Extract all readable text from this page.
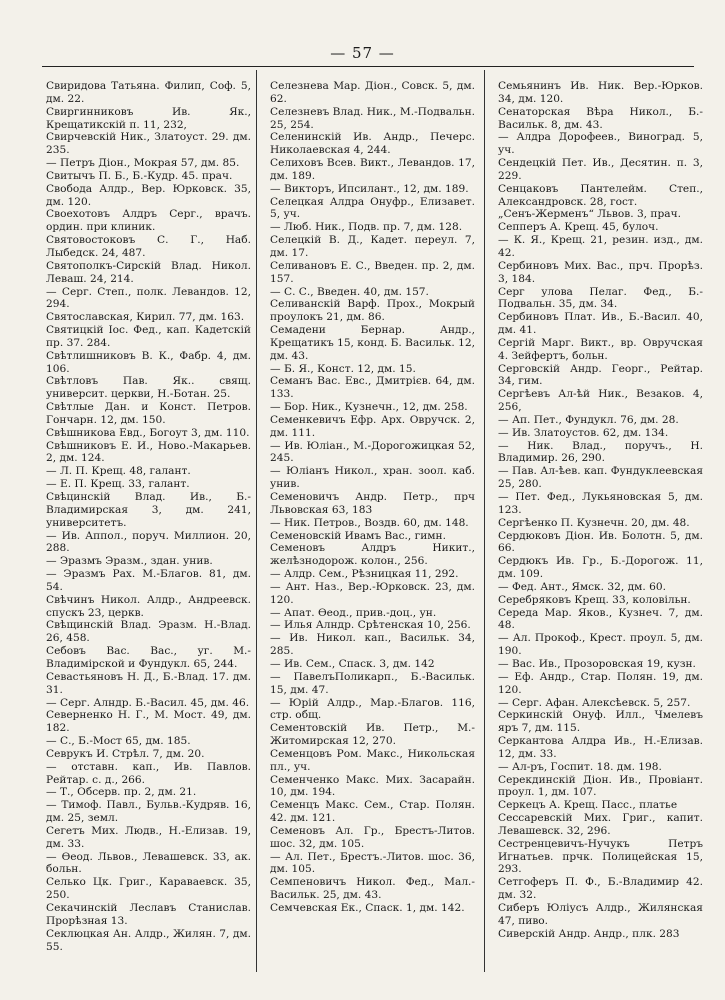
— 57 —

Свиридова Татьяна. Филип, Соф. 5, дм. 22.

Свиргинниковъ Ив. Як., Крещатикскій п. 11, 232,

Свирчевскій Ник., Златоуст. 29. дм. 235.

— Петръ Діон., Мокрая 57, дм. 85.

Свитычъ П. Б., Б.-Кудр. 45. прач.

Свобода Алдр., Вер. Юрковск. 35, дм. 120.

Своехотовъ Алдръ Серг., врачъ. ордин. при клиник.

Святовостоковъ С. Г., Наб. Лыбедск. 24, 487.

Святополкъ-Сирскій Влад. Никол. Леваш. 24, 214.

— Серг. Степ., полк. Левандов. 12, 294.

Святославская, Кирил. 77, дм. 163.

Святицкій Іос. Фед., кап. Кадетскій пр. 37. 284.

Свѣтлишниковъ В. К., Фабр. 4, дм. 106.

Свѣтловъ Пав. Як.. свящ. университ. церкви, Н.-Ботан. 25.

Свѣтлые Дан. и Конст. Петров. Гончарн. 12, дм. 150.

Свѣшникова Евд., Богоут 3, дм. 110.

Свѣшниковъ Е. И., Ново.-Макарьев. 2, дм. 124.

— Л. П. Крещ. 48, галант.

— Е. П. Крещ. 33, галант.

Свѣцинскій Влад. Ив., Б.-Владимирская 3, дм. 241, университетъ.

— Ив. Аппол., поруч. Миллион. 20, 288.

— Эразмъ Эразм., здан. унив.

— Эразмъ Рах. М.-Благов. 81, дм. 54.

Свѣчинъ Никол. Алдр., Андреевск. спускъ 23, церкв.

Свѣщинскій Влад. Эразм. Н.-Влад. 26, 458.

Себовъ Вас. Вас., уг. М.-Владимірской и Фундукл. 65, 244.

Севастьяновъ Н. Д., Б.-Влад. 17. дм. 31.

— Серг. Алндр. Б.-Васил. 45, дм. 46.

Северненко Н. Г., М. Мост. 49, дм. 182.

— С., Б.-Мост 65, дм. 185.

Севрукъ И. Стрѣл. 7, дм. 20.

— отставн. кап., Ив. Павлов. Рейтар. с. д., 266.

— Т., Обсерв. пр. 2, дм. 21.

— Тимоф. Павл., Бульв.-Кудряв. 16, дм. 25, земл.

Сегетъ Мих. Людв., Н.-Елизав. 19, дм. 33.

— Ѳеод. Львов., Левашевск. 33, ак. больн.

Селько Цк. Григ., Караваевск. 35, 250.

Секачинскій Леславъ Станислав. Прорѣзная 13.

Секлюцкая Ан. Алдр., Жилян. 7, дм. 55.

Селезнева Мар. Діон., Совск. 5, дм. 62.

Селезневъ Влад. Ник., М.-Подвальн. 25, 254.

Селенинскій Ив. Андр., Печерс. Николаевская 4, 244.

Селиховъ Всев. Викт., Левандов. 17, дм. 189.

— Викторъ, Ипсилант., 12, дм. 189.

Селецкая Алдра Онуфр., Елизавет. 5, уч.

— Люб. Ник., Подв. пр. 7, дм. 128.

Селецкій В. Д., Кадет. переул. 7, дм. 17.

Селивановъ Е. С., Введен. пр. 2, дм. 157.

— С. С., Введен. 40, дм. 157.

Селиванскій Варф. Прох., Мокрый проулокъ 21, дм. 86.

Семадени Бернар. Андр., Крещатикъ 15, конд. Б. Васильк. 12, дм. 43.

— Б. Я., Конст. 12, дм. 15.

Семанъ Вас. Евс., Дмитрієв. 64, дм. 133.

— Бор. Ник., Кузнечн., 12, дм. 258.

Семенкевичъ Ефр. Арх. Овручск. 2, дм. 111.

— Ив. Юліан., М.-Дорогожицкая 52, 245.

— Юліанъ Никол., хран. зоол. каб. унив.

Семеновичъ Андр. Петр., прч Львовская 63, 183

— Ник. Петров., Воздв. 60, дм. 148.

Семеновскій Ивамъ Вас., гимн.

Семеновъ Алдръ Никит., желѣзнодорож. колон., 256.

— Алдр. Сем., Рѣзницкая 11, 292.

— Ант. Наз., Вер.-Юрковск. 23, дм. 120.

— Апат. Ѳеод., прив.-доц., ун.

— Илья Алндр. Срѣтенская 10, 256.

— Ив. Никол. кап., Васильк. 34, 285.

— Ив. Сем., Спаск. 3, дм. 142

— ПавелъПоликарп., Б.-Васильк. 15, дм. 47.

— Юрій Алдр., Мар.-Благов. 116, стр. общ.

Сементовскій Ив. Петр., М.-Житомирская 12, 270.

Семенцовъ Ром. Макс., Никольская пл., уч.

Семенченко Макс. Мих. Засарайн. 10, дм. 194.

Семенцъ Макс. Сем., Стар. Полян. 42. дм. 121.

Семеновъ Ал. Гр., Брестъ-Литов. шос. 32, дм. 105.

— Ал. Пет., Брестъ.-Литов. шос. 36, дм. 105.

Семпеновичъ Никол. Фед., Мал.-Васильк. 25, дм. 43.

Семчевская Ек., Спаск. 1, дм. 142.

Семьянинъ Ив. Ник. Вер.-Юрков. 34, дм. 120.

Сенаторская Вѣра Никол., Б.-Васильк. 8, дм. 43.

— Алдра Дорофеев., Виноград. 5, уч.

Сендецкій Пет. Ив., Десятин. п. 3, 229.

Сенцаковъ Пантелейм. Степ., Александровск. 28, гост.

„Сенъ-Жерменъ“ Львов. 3, прач.

Сепперъ А. Крещ. 45, булоч.

— К. Я., Крещ. 21, резин. изд., дм. 42.

Сербиновъ Мих. Вас., прч. Прорѣз. 3, 184.

Серг улова Пелаг. Фед., Б.-Подвальн. 35, дм. 34.

Сербиновъ Плат. Ив., Б.-Васил. 40, дм. 41.

Сергій Марг. Викт., вр. Овручская 4. Зейфертъ, больн.

Серговскій Андр. Георг., Рейтар. 34, гим.

Сергѣевъ Ал-ѣй Ник., Везаков. 4, 256,

— Ап. Пет., Фундукл. 76, дм. 28.

— Ив. Златоустов. 62, дм. 134.

— Ник. Влад., поручъ., Н. Владимир. 26, 290.

— Пав. Ал-ѣев. кап. Фундуклеевская 25, 280.

— Пет. Фед., Лукьяновская 5, дм. 123.

Сергѣенко П. Кузнечн. 20, дм. 48.

Сердюковъ Діон. Ив. Болотн. 5, дм. 66.

Сердюкъ Ив. Гр., Б.-Дорогож. 11, дм. 109.

— Фед. Ант., Ямск. 32, дм. 60.

Серебряковъ Крещ. 33, коловільн.

Середа Мар. Яков., Кузнеч. 7, дм. 48.

— Ал. Прокоф., Крест. проул. 5, дм. 190.

— Вас. Ив., Прозоровская 19, кузн.

— Еф. Андр., Стар. Полян. 19, дм. 120.

— Серг. Афан. Алексѣевск. 5, 257.

Серкинскій Онуф. Илл., Чмелевъ яръ 7, дм. 115.

Серкантова Алдра Ив., Н.-Елизав. 12, дм. 33.

— Ал-ръ, Госпит. 18. дм. 198.

Серекдинскій Діон. Ив., Провіант. проул. 1, дм. 107.

Серкецъ А. Крещ. Пасс., платье

Сессаревскій Мих. Григ., капит. Левашевск. 32, 296.

Сестренцевичъ-Нучукъ Петръ Игнатьев. прчк. Полицейская 15, 293.

Сетгоферъ П. Ф., Б.-Владимир 42. дм. 32.

Сиберъ Юліусъ Алдр., Жилянская 47, пиво.

Сиверскій Андр. Андр., плк. 283
